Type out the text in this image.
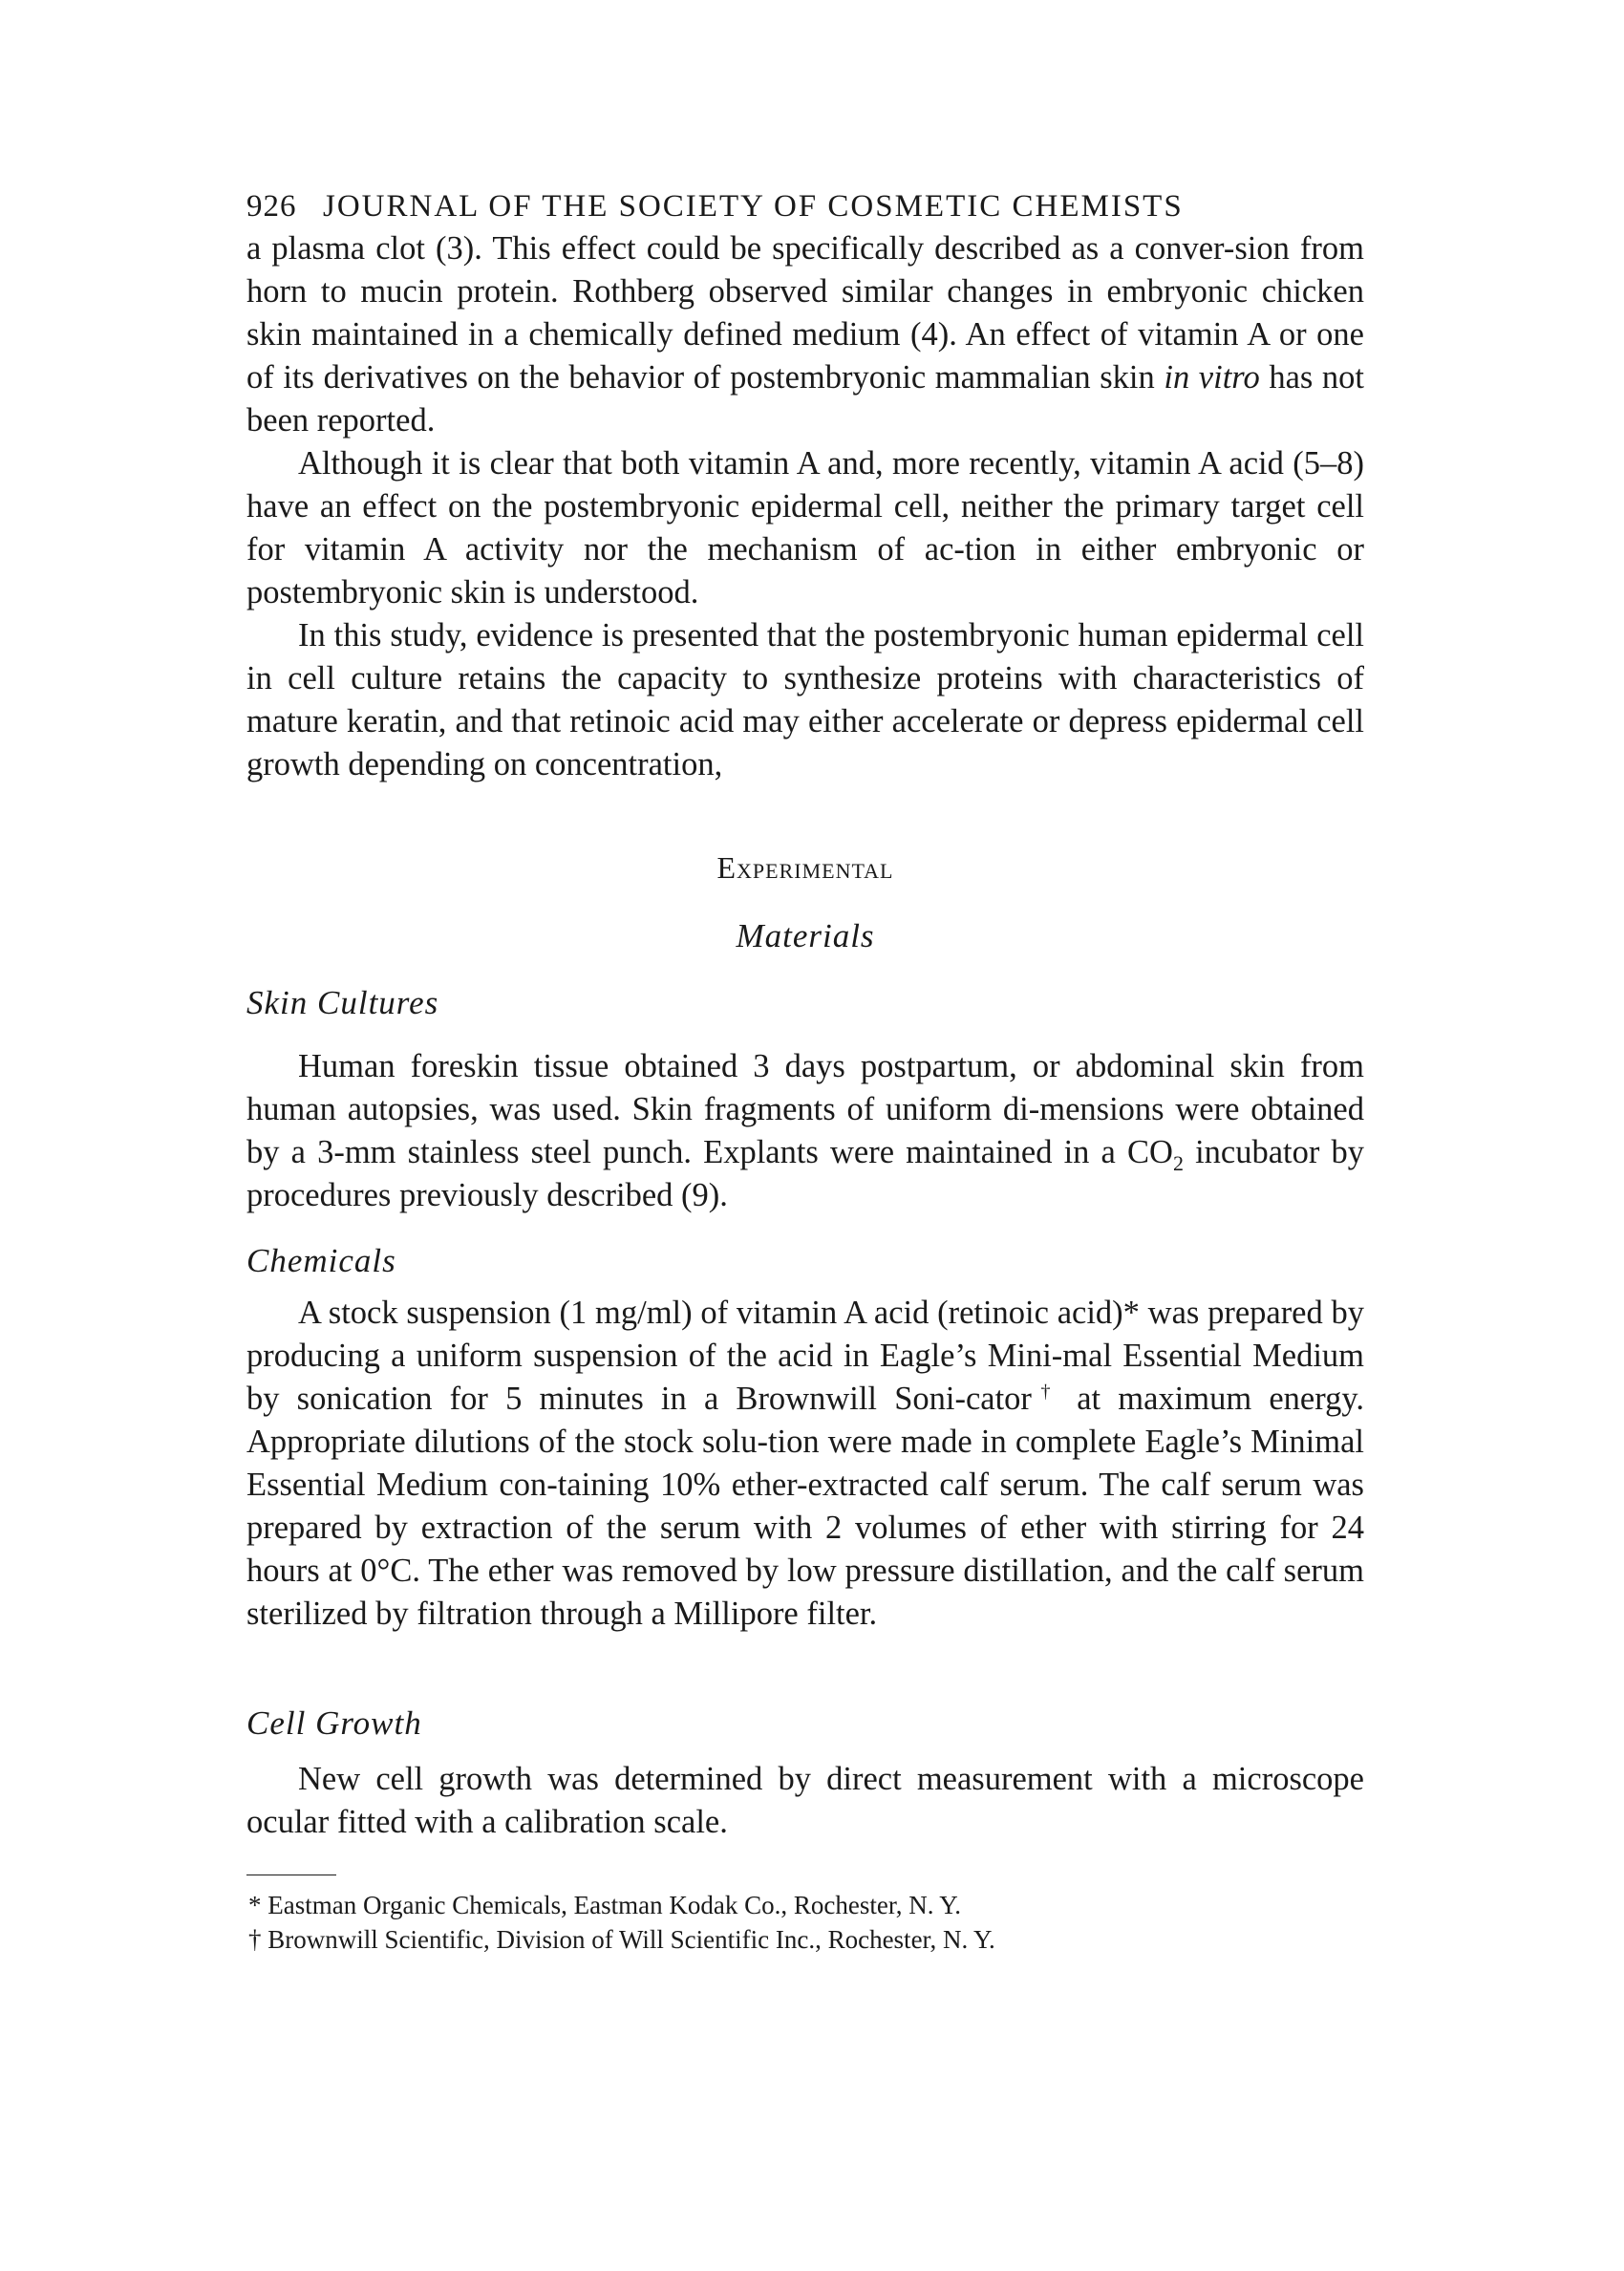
926 JOURNAL OF THE SOCIETY OF COSMETIC CHEMISTS

a plasma clot (3). This effect could be specifically described as a conver-sion from horn to mucin protein. Rothberg observed similar changes in embryonic chicken skin maintained in a chemically defined medium (4). An effect of vitamin A or one of its derivatives on the behavior of postembryonic mammalian skin in vitro has not been reported.

Although it is clear that both vitamin A and, more recently, vitamin A acid (5–8) have an effect on the postembryonic epidermal cell, neither the primary target cell for vitamin A activity nor the mechanism of ac-tion in either embryonic or postembryonic skin is understood.

In this study, evidence is presented that the postembryonic human epidermal cell in cell culture retains the capacity to synthesize proteins with characteristics of mature keratin, and that retinoic acid may either accelerate or depress epidermal cell growth depending on concentration,

Experimental
Materials
Skin Cultures

Human foreskin tissue obtained 3 days postpartum, or abdominal skin from human autopsies, was used. Skin fragments of uniform di-mensions were obtained by a 3-mm stainless steel punch. Explants were maintained in a $CO_2$ incubator by procedures previously described (9).

Chemicals

A stock suspension (1 mg/ml) of vitamin A acid (retinoic acid)* was prepared by producing a uniform suspension of the acid in Eagle’s Mini-mal Essential Medium by sonication for 5 minutes in a Brownwill Soni-cator† at maximum energy. Appropriate dilutions of the stock solu-tion were made in complete Eagle’s Minimal Essential Medium con-taining 10% ether-extracted calf serum. The calf serum was prepared by extraction of the serum with 2 volumes of ether with stirring for 24 hours at 0°C. The ether was removed by low pressure distillation, and the calf serum sterilized by filtration through a Millipore filter.

Cell Growth

New cell growth was determined by direct measurement with a microscope ocular fitted with a calibration scale.

* Eastman Organic Chemicals, Eastman Kodak Co., Rochester, N. Y.
† Brownwill Scientific, Division of Will Scientific Inc., Rochester, N. Y.
